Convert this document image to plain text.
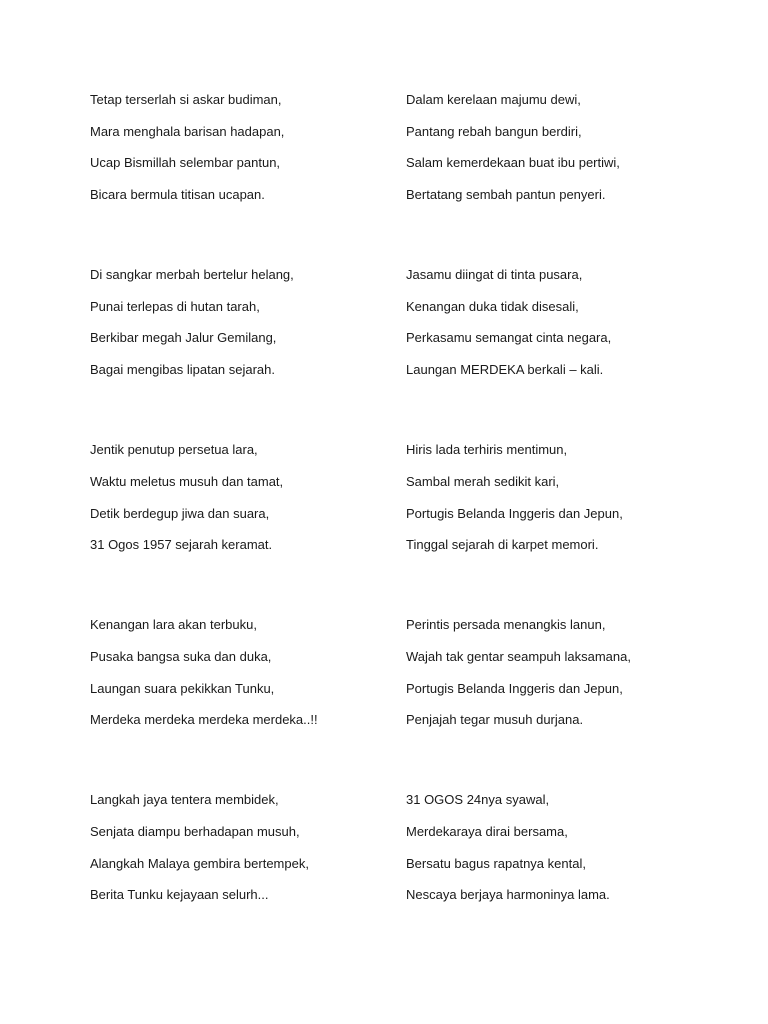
Tetap terserlah si askar budiman,
Mara menghala barisan hadapan,
Ucap Bismillah selembar pantun,
Bicara bermula titisan ucapan.
Di sangkar merbah bertelur helang,
Punai terlepas di hutan tarah,
Berkibar megah Jalur Gemilang,
Bagai mengibas lipatan sejarah.
Jentik penutup persetua lara,
Waktu meletus musuh dan tamat,
Detik berdegup jiwa dan suara,
31 Ogos 1957 sejarah keramat.
Kenangan lara akan terbuku,
Pusaka bangsa suka dan duka,
Laungan suara pekikkan Tunku,
Merdeka merdeka merdeka merdeka..!!
Langkah jaya tentera membidek,
Senjata diampu berhadapan musuh,
Alangkah Malaya gembira bertempek,
Berita Tunku kejayaan selurh...
Dalam kerelaan majumu dewi,
Pantang rebah bangun berdiri,
Salam kemerdekaan buat ibu pertiwi,
Bertatang sembah pantun penyeri.
Jasamu diingat di tinta pusara,
Kenangan duka tidak disesali,
Perkasamu semangat cinta negara,
Laungan MERDEKA berkali – kali.
Hiris lada terhiris mentimun,
Sambal merah sedikit kari,
Portugis Belanda Inggeris dan Jepun,
Tinggal sejarah di karpet memori.
Perintis persada menangkis lanun,
Wajah tak gentar seampuh laksamana,
Portugis Belanda Inggeris dan Jepun,
Penjajah tegar musuh durjana.
31 OGOS 24nya syawal,
Merdekaraya dirai bersama,
Bersatu bagus rapatnya kental,
Nescaya berjaya harmoninya lama.
